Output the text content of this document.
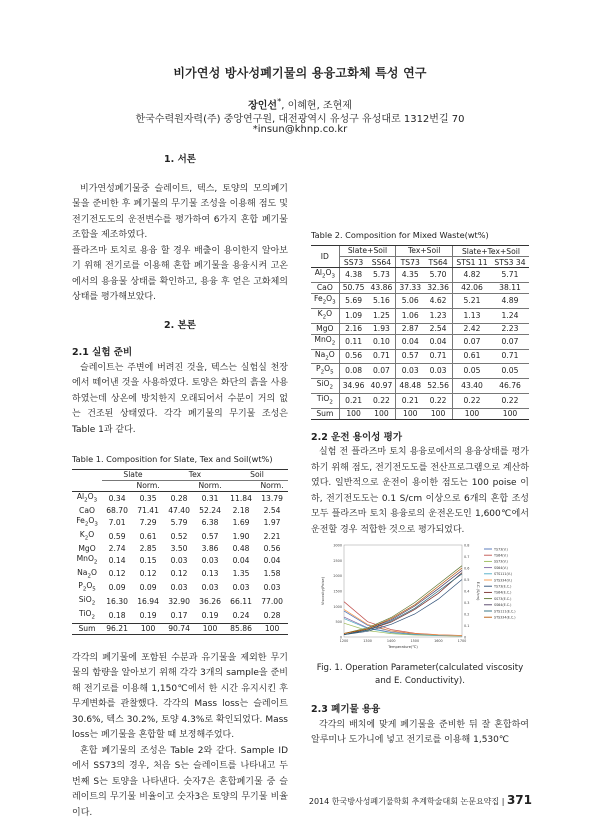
비가연성 방사성폐기물의 용융고화체 특성 연구
장인선*, 이혜현, 조현제
한국수력원자력(주) 중앙연구원, 대전광역시 유성구 유성대로 1312번길 70
*insun@khnp.co.kr
1. 서론
비가연성폐기물중 슬레이트, 텍스, 토양의 모의폐기물을 준비한 후 폐기물의 무기물 조성을 이용해 점도 및 전기전도도의 운전변수를 평가하여 6가지 혼합 폐기물 조합을 제조하였다.
플라즈마 토치로 용융 할 경우 배출이 용이한지 알아보기 위해 전기로를 이용해 혼합 폐기물을 용융시켜 고온에서의 용융물 상태를 확인하고, 용융 후 얻은 고화체의 상태를 평가해보았다.
2. 본론
2.1 실험 준비
슬레이트는 주변에 버려진 것을, 텍스는 실험실 천장에서 떼어낸 것을 사용하였다. 토양은 화단의 흙을 사용하였는데 상온에 방치한지 오래되어서 수분이 거의 없는 건조된 상태였다. 각각 폐기물의 무기물 조성은 Table 1과 같다.
Table 1. Composition for Slate, Tex and Soil(wt%)
	Slate		Tex		Soil	
		Norm.		Norm.		Norm.
$Al_2O_3$	0.34	0.35	0.28	0.31	11.84	13.79
CaO	68.70	71.41	47.40	52.24	2.18	2.54
$Fe_2O_3$	7.01	7.29	5.79	6.38	1.69	1.97
$K_2O$	0.59	0.61	0.52	0.57	1.90	2.21
MgO	2.74	2.85	3.50	3.86	0.48	0.56
MnO$_2$	0.14	0.15	0.03	0.03	0.04	0.04
$Na_2O$	0.12	0.12	0.12	0.13	1.35	1.58
$P_2O_5$	0.09	0.09	0.03	0.03	0.03	0.03
SiO$_2$	16.30	16.94	32.90	36.26	66.11	77.00
TiO$_2$	0.18	0.19	0.17	0.19	0.24	0.28
Sum	96.21	100	90.74	100	85.86	100
각각의 폐기물에 포함된 수분과 유기물을 제외한 무기물의 함량을 알아보기 위해 각각 3개의 sample을 준비해 전기로를 이용해 1,150℃에서 한 시간 유지시킨 후 무게변화를 관찰했다. 각각의 Mass loss는 슬레이트 30.6%, 텍스 30.2%, 토양 4.3%로 확인되었다. Mass loss는 폐기물을 혼합할 때 보정해주었다.
혼합 폐기물의 조성은 Table 2와 같다. Sample ID에서 SS73의 경우, 처음 S는 슬레이트를 나타내고 두 번째 S는 토양을 나타낸다. 숫자7은 혼합폐기물 중 슬레이트의 무기물 비율이고 숫자3은 토양의 무기물 비율이다.
Table 2. Composition for Mixed Waste(wt%)
ID	Slate+Soil		Tex+Soil		Slate+Tex+Soil	
	SS73	SS64	TS73	TS64	STS1 11	STS3 34
$Al_2O_3$	4.38	5.73	4.35	5.70	4.82	5.71
CaO	50.75	43.86	37.33	32.36	42.06	38.11
$Fe_2O_3$	5.69	5.16	5.06	4.62	5.21	4.89
$K_2O$	1.09	1.25	1.06	1.23	1.13	1.24
MgO	2.16	1.93	2.87	2.54	2.42	2.23
MnO$_2$	0.11	0.10	0.04	0.04	0.07	0.07
$Na_2O$	0.56	0.71	0.57	0.71	0.61	0.71
$P_2O_5$	0.08	0.07	0.03	0.03	0.05	0.05
SiO$_2$	34.96	40.97	48.48	52.56	43.40	46.76
TiO$_2$	0.21	0.22	0.21	0.22	0.22	0.22
Sum	100	100	100	100	100	100
2.2 운전 용이성 평가
실험 전 플라즈마 토치 용융로에서의 용융상태를 평가하기 위해 점도, 전기전도도를 전산프로그램으로 계산하였다. 일반적으로 운전이 용이한 점도는 100 poise 이하, 전기전도도는 0.1 S/cm 이상으로 6개의 혼합 조성 모두 플라즈마 토치 용융로의 운전온도인 1,600℃에서 운전할 경우 적합한 것으로 평가되었다.
0
500
1000
1500
2000
2500
3000
0
0.1
0.2
0.3
0.4
0.5
0.6
0.7
0.8
1200	1300	1400	1500	1600	1700
Temperature(℃)
Viscosity(Poise)	E.C.(S/cm)
TS73(V.)
TS64(V.)
SS73(V.)
SS64(V.)
STS111(V.)
STS334(V.)
TS73(E.C.)
TS64(E.C.)
SS73(E.C.)
SS64(E.C.)
STS111(E.C.)
STS334(E.C.)
Fig. 1. Operation Parameter(calculated viscosity and E. Conductivity).
2.3 폐기물 용융
각각의 배치에 맞게 폐기물을 준비한 뒤 잘 혼합하여 알루미나 도가니에 넣고 전기로를 이용해 1,530℃
2014 한국방사성폐기물학회 추계학술대회 논문요약집 | 371
